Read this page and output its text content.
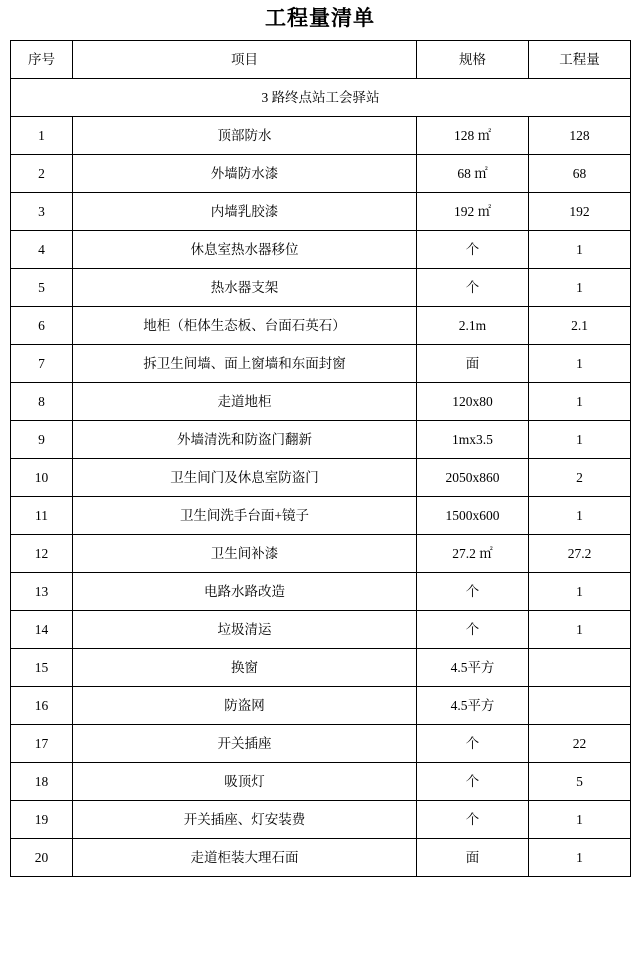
工程量清单
序号	项目	规格	工程量
3 路终点站工会驿站			
1	顶部防水	128 ㎡	128
2	外墙防水漆	68 ㎡	68
3	内墙乳胶漆	192 ㎡	192
4	休息室热水器移位	个	1
5	热水器支架	个	1
6	地柜（柜体生态板、台面石英石）	2.1m	2.1
7	拆卫生间墙、面上窗墙和东面封窗	面	1
8	走道地柜	120x80	1
9	外墙清洗和防盗门翻新	1mx3.5	1
10	卫生间门及休息室防盗门	2050x860	2
11	卫生间洗手台面+镜子	1500x600	1
12	卫生间补漆	27.2 ㎡	27.2
13	电路水路改造	个	1
14	垃圾清运	个	1
15	换窗	4.5平方	
16	防盗网	4.5平方	
17	开关插座	个	22
18	吸顶灯	个	5
19	开关插座、灯安装费	个	1
20	走道柜装大理石面	面	1
